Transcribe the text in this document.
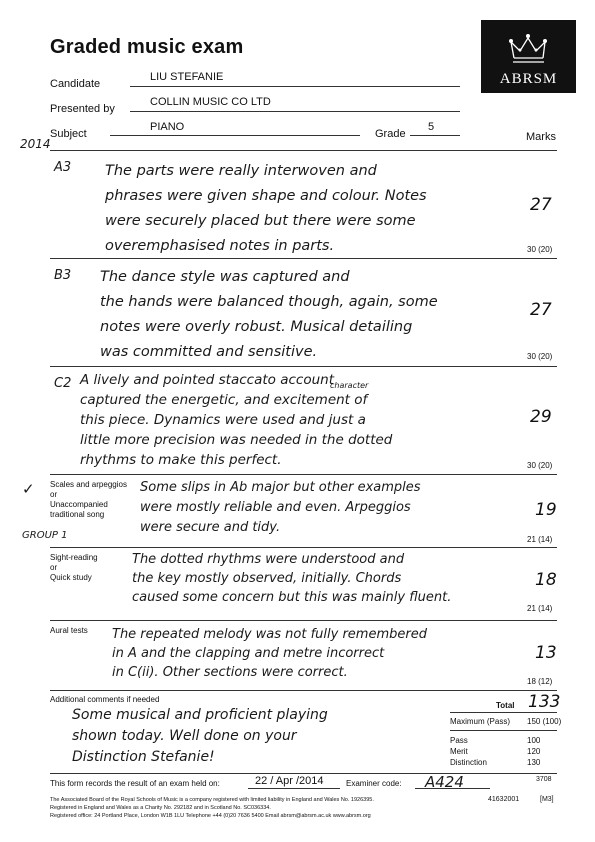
Graded music exam
ABRSM
Candidate
LIU STEFANIE
Presented by
COLLIN MUSIC CO LTD
2014
Subject
PIANO
Grade
5
Marks
A3 The parts were really interwoven and
phrases were given shape and colour. Notes
were securely placed but there were some
overemphasised notes in parts.
27
30 (20)
B3 The dance style was captured and
the hands were balanced though, again, some
notes were overly robust. Musical detailing
was committed and sensitive.
27
30 (20)
C2	character
A lively and pointed staccato account
captured the energetic, and excitement of
this piece. Dynamics were used and just a
little more precision was needed in the dotted
rhythms to make this perfect.
29
30 (20)
✓ Scales and arpeggios
or
Unaccompanied
traditional song
Some slips in Ab major but other examples
were mostly reliable and even. Arpeggios
were secure and tidy.
GROUP 1
19
21 (14)
Sight-reading
or
Quick study
The dotted rhythms were understood and
the key mostly observed, initially. Chords
caused some concern but this was mainly fluent.
18
21 (14)
Aural tests The repeated melody was not fully remembered
in A and the clapping and metre incorrect
in C(ii). Other sections were correct.
13
18 (12)
Additional comments if needed
Some musical and proficient playing
shown today. Well done on your
Distinction Stefanie!
Total 133
Maximum (Pass) 150 (100)
Pass	100
Merit	120
Distinction	130
This form records the result of an exam held on:	22 / Apr /2014	Examiner code: A424	3708
41632001	[M3]
The Associated Board of the Royal Schools of Music is a company registered with limited liability in England and Wales No. 1926395.
Registered in England and Wales as a Charity No. 292182 and in Scotland No. SC036334.
Registered office: 24 Portland Place, London W1B 1LU Telephone +44 (0)20 7636 5400 Email abrsm@abrsm.ac.uk www.abrsm.org
